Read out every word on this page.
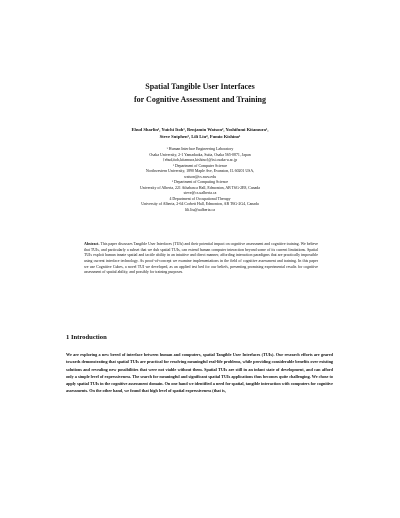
Spatial Tangible User Interfaces
for Cognitive Assessment and Training
Ehud Sharlin¹, Yuichi Itoh¹, Benjamin Watson², Yoshifumi Kitamura¹,
Steve Sutphen³, Lili Liu⁴, Fumio Kishino¹
¹ Human Interface Engineering Laboratory
Osaka University, 2-1 Yamadaoka, Suita, Osaka 565-0871, Japan
{ehud,itoh,kitamura,kishino}@ist.osaka-u.ac.jp
² Department of Computer Science
Northwestern University, 1890 Maple Ave, Evanston, IL 60201 USA,
watson@cs.nwu.edu
³ Department of Computing Science
University of Alberta, 221 Athabasca Hall, Edmonton, AB T6G-2E8, Canada
steve@cs.ualberta.ca
4 Department of Occupational Therapy
University of Alberta, 2-64 Corbett Hall, Edmonton, AB T6G-2G4, Canada
lili.liu@ualberta.ca
Abstract. This paper discusses Tangible User Interfaces (TUIs) and their potential impact on cognitive assessment and cognitive training. We believe that TUIs, and particularly a subset that we dub spatial TUIs, can extend human computer interaction beyond some of its current limitations. Spatial TUIs exploit human innate spatial and tactile ability in an intuitive and direct manner, affording interaction paradigms that are practically impossible using current interface technology. As proof-of-concept we examine implementations in the field of cognitive assessment and training. In this paper we use Cognitive Cubes, a novel TUI we developed, as an applied test bed for our beliefs, presenting promising experimental results for cognitive assessment of spatial ability, and possibly for training purposes.
1 Introduction
We are exploring a new breed of interface between human and computers, spatial Tangible User Interfaces (TUIs). Our research efforts are geared towards demonstrating that spatial TUIs are practical for resolving meaningful real-life problems, while providing considerable benefits over existing solutions and revealing new possibilities that were not viable without them. Spatial TUIs are still in an infant state of development, and can afford only a simple level of expressiveness. The search for meaningful and significant spatial TUIs applications thus becomes quite challenging. We chose to apply spatial TUIs in the cognitive assessment domain. On one hand we identified a need for spatial, tangible interaction with computers for cognitive assessments. On the other hand, we found that high level of spatial expressiveness (that is,
